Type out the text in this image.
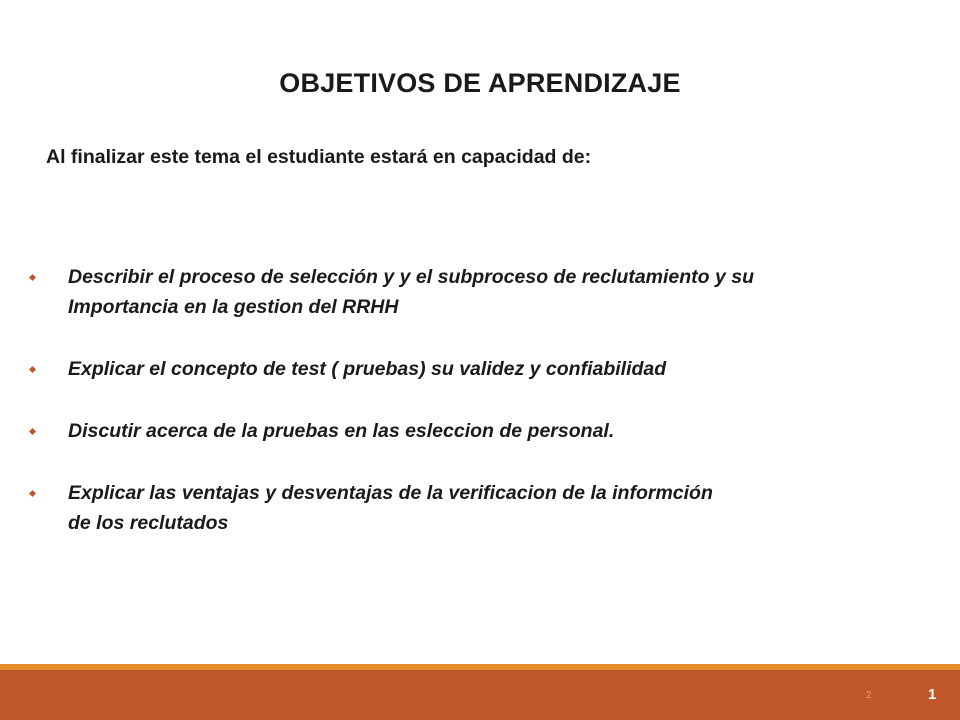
OBJETIVOS DE APRENDIZAJE
Al finalizar este tema el estudiante estará en capacidad de:
Describir el proceso de selección y y el subproceso de reclutamiento y su
Importancia en la gestion del RRHH
Explicar el concepto de test ( pruebas) su validez y confiabilidad
Discutir acerca de la pruebas en las esleccion de personal.
Explicar las ventajas y desventajas de la verificacion de la informción
de los reclutados
2	1
